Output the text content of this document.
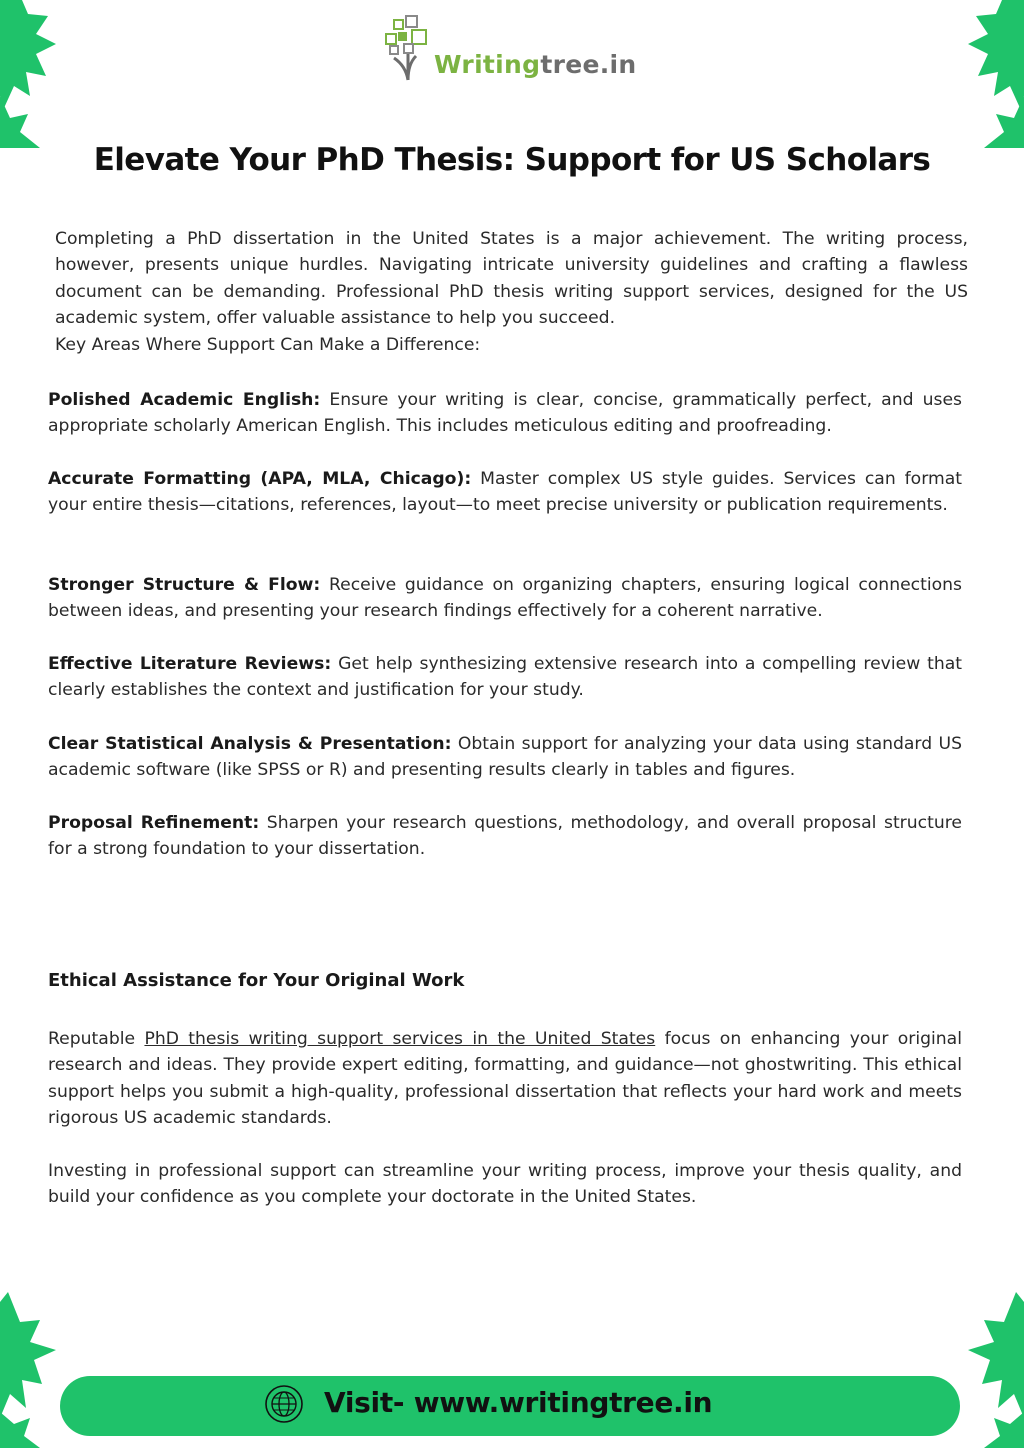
Writingtree.in
Elevate Your PhD Thesis: Support for US Scholars

Completing a PhD dissertation in the United States is a major achievement. The writing process, however, presents unique hurdles. Navigating intricate university guidelines and crafting a flawless document can be demanding. Professional PhD thesis writing support services, designed for the US academic system, offer valuable assistance to help you succeed.

Key Areas Where Support Can Make a Difference:

Polished Academic English: Ensure your writing is clear, concise, grammatically perfect, and uses appropriate scholarly American English. This includes meticulous editing and proofreading.

Accurate Formatting (APA, MLA, Chicago): Master complex US style guides. Services can format your entire thesis—citations, references, layout—to meet precise university or publication requirements.

Stronger Structure & Flow: Receive guidance on organizing chapters, ensuring logical connections between ideas, and presenting your research findings effectively for a coherent narrative.

Effective Literature Reviews: Get help synthesizing extensive research into a compelling review that clearly establishes the context and justification for your study.

Clear Statistical Analysis & Presentation: Obtain support for analyzing your data using standard US academic software (like SPSS or R) and presenting results clearly in tables and figures.

Proposal Refinement: Sharpen your research questions, methodology, and overall proposal structure for a strong foundation to your dissertation.

Ethical Assistance for Your Original Work

Reputable PhD thesis writing support services in the United States focus on enhancing your original research and ideas. They provide expert editing, formatting, and guidance—not ghostwriting. This ethical support helps you submit a high-quality, professional dissertation that reflects your hard work and meets rigorous US academic standards.

Investing in professional support can streamline your writing process, improve your thesis quality, and build your confidence as you complete your doctorate in the United States.

Visit- www.writingtree.in
